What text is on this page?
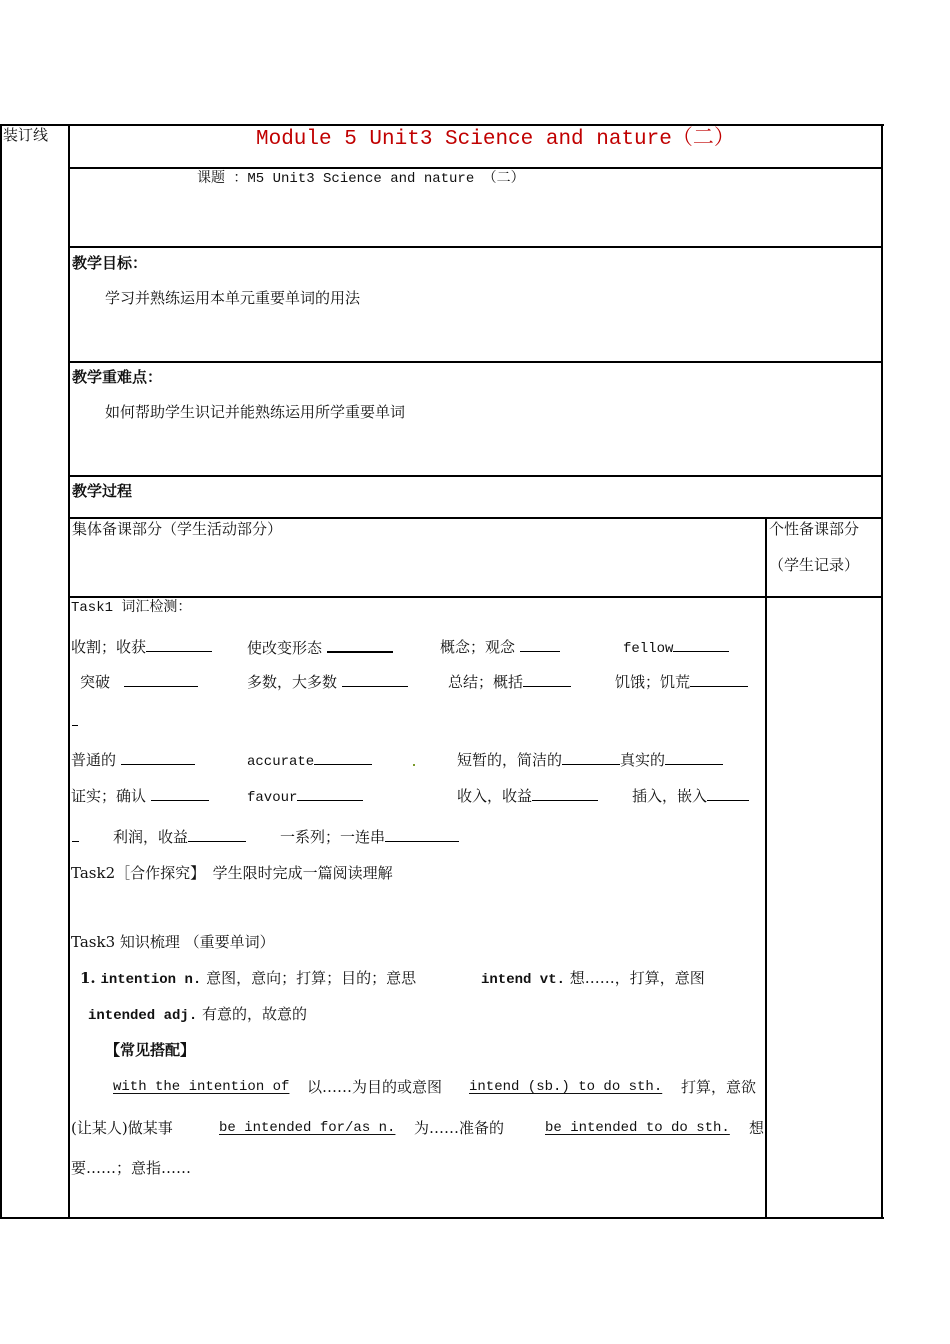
装订线	Module 5 Unit3 Science and nature（二）
课题 ：M5 Unit3 Science and nature （二）
教学目标：
学习并熟练运用本单元重要单词的用法
教学重难点：
如何帮助学生识记并能熟练运用所学重要单词
教学过程
集体备课部分（学生活动部分）	个性备课部分
（学生记录）
Task1 词汇检测：
收割；收获	使改变形态	概念；观念	fellow
突破	多数，大多数	总结；概括	饥饿；饥荒
普通的	accurate	短暂的，简洁的	真实的
证实；确认	favour	收入，收益	插入，嵌入
利润，收益	一系列；一连串
Task2［合作探究】　学生限时完成一篇阅读理解
Task3 知识梳理 （重要单词）
1. intention n. 意图，意向；打算；目的；意思	intend vt. 想……，打算，意图
intended adj. 有意的，故意的
【常见搭配】
with the intention of 以……为目的或意图 intend (sb.) to do sth. 打算，意欲
(让某人)做某事	be intended for/as n. 为……准备的	be intended to do sth. 想
要……；意指……
